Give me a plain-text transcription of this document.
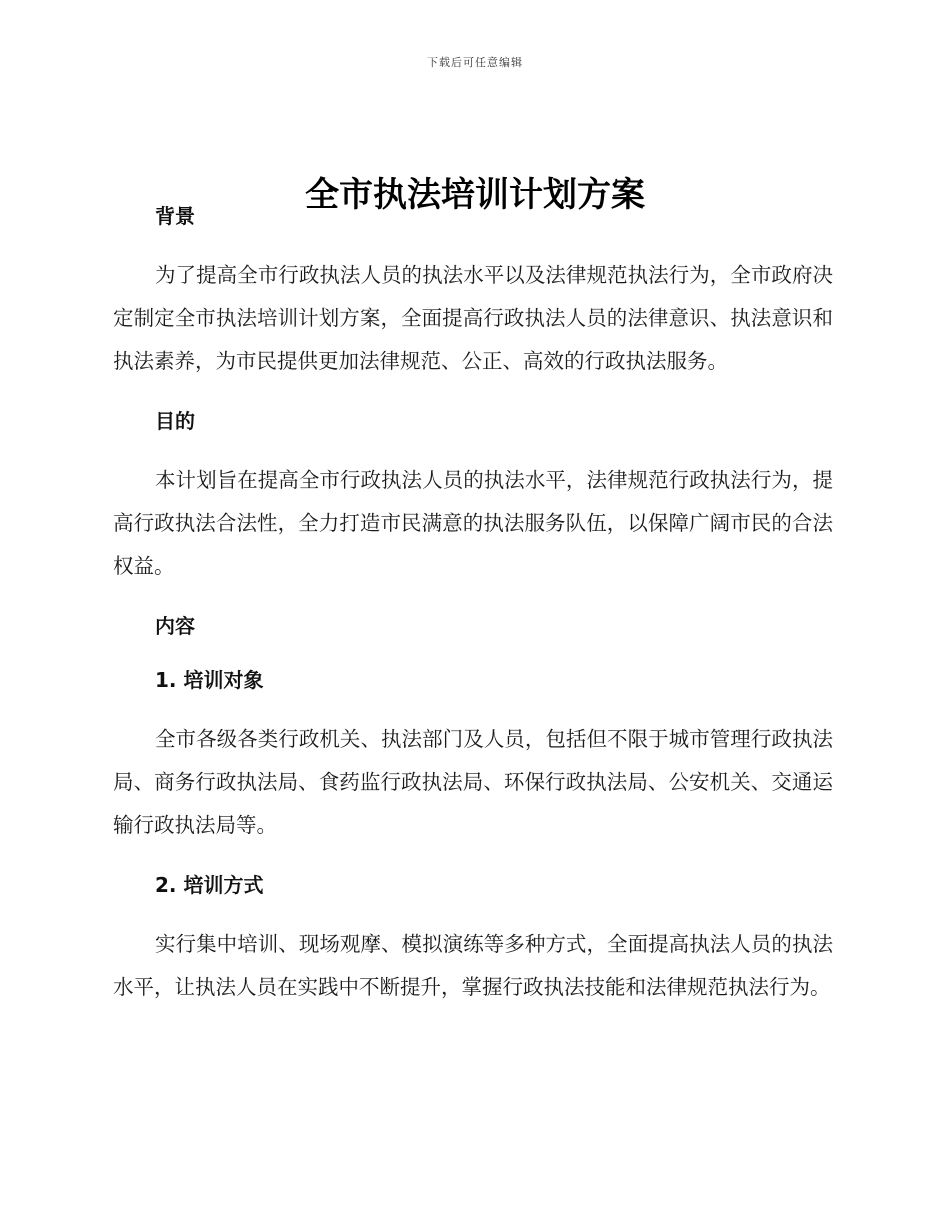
下载后可任意编辑
全市执法培训计划方案

背景

为了提高全市行政执法人员的执法水平以及法律规范执法行为，全市政府决定制定全市执法培训计划方案，全面提高行政执法人员的法律意识、执法意识和执法素养，为市民提供更加法律规范、公正、高效的行政执法服务。

目的

本计划旨在提高全市行政执法人员的执法水平，法律规范行政执法行为，提高行政执法合法性，全力打造市民满意的执法服务队伍，以保障广阔市民的合法权益。

内容

1. 培训对象

全市各级各类行政机关、执法部门及人员，包括但不限于城市管理行政执法局、商务行政执法局、食药监行政执法局、环保行政执法局、公安机关、交通运输行政执法局等。

2. 培训方式

实行集中培训、现场观摩、模拟演练等多种方式，全面提高执法人员的执法水平，让执法人员在实践中不断提升，掌握行政执法技能和法律规范执法行为。
